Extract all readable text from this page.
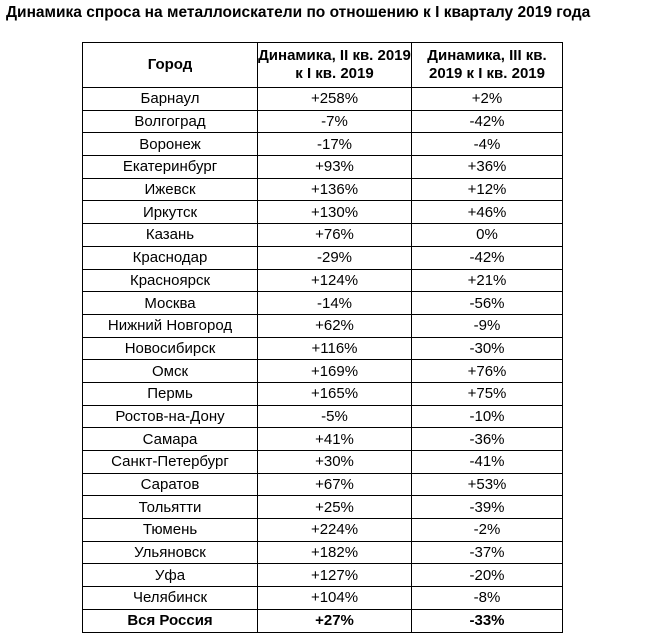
Динамика спроса на металлоискатели по отношению к I кварталу 2019 года
Город	Динамика, II кв. 2019 к I кв. 2019	Динамика, III кв. 2019 к I кв. 2019
Барнаул	+258%	+2%
Волгоград	-7%	-42%
Воронеж	-17%	-4%
Екатеринбург	+93%	+36%
Ижевск	+136%	+12%
Иркутск	+130%	+46%
Казань	+76%	0%
Краснодар	-29%	-42%
Красноярск	+124%	+21%
Москва	-14%	-56%
Нижний Новгород	+62%	-9%
Новосибирск	+116%	-30%
Омск	+169%	+76%
Пермь	+165%	+75%
Ростов-на-Дону	-5%	-10%
Самара	+41%	-36%
Санкт-Петербург	+30%	-41%
Саратов	+67%	+53%
Тольятти	+25%	-39%
Тюмень	+224%	-2%
Ульяновск	+182%	-37%
Уфа	+127%	-20%
Челябинск	+104%	-8%
Вся Россия	+27%	-33%
